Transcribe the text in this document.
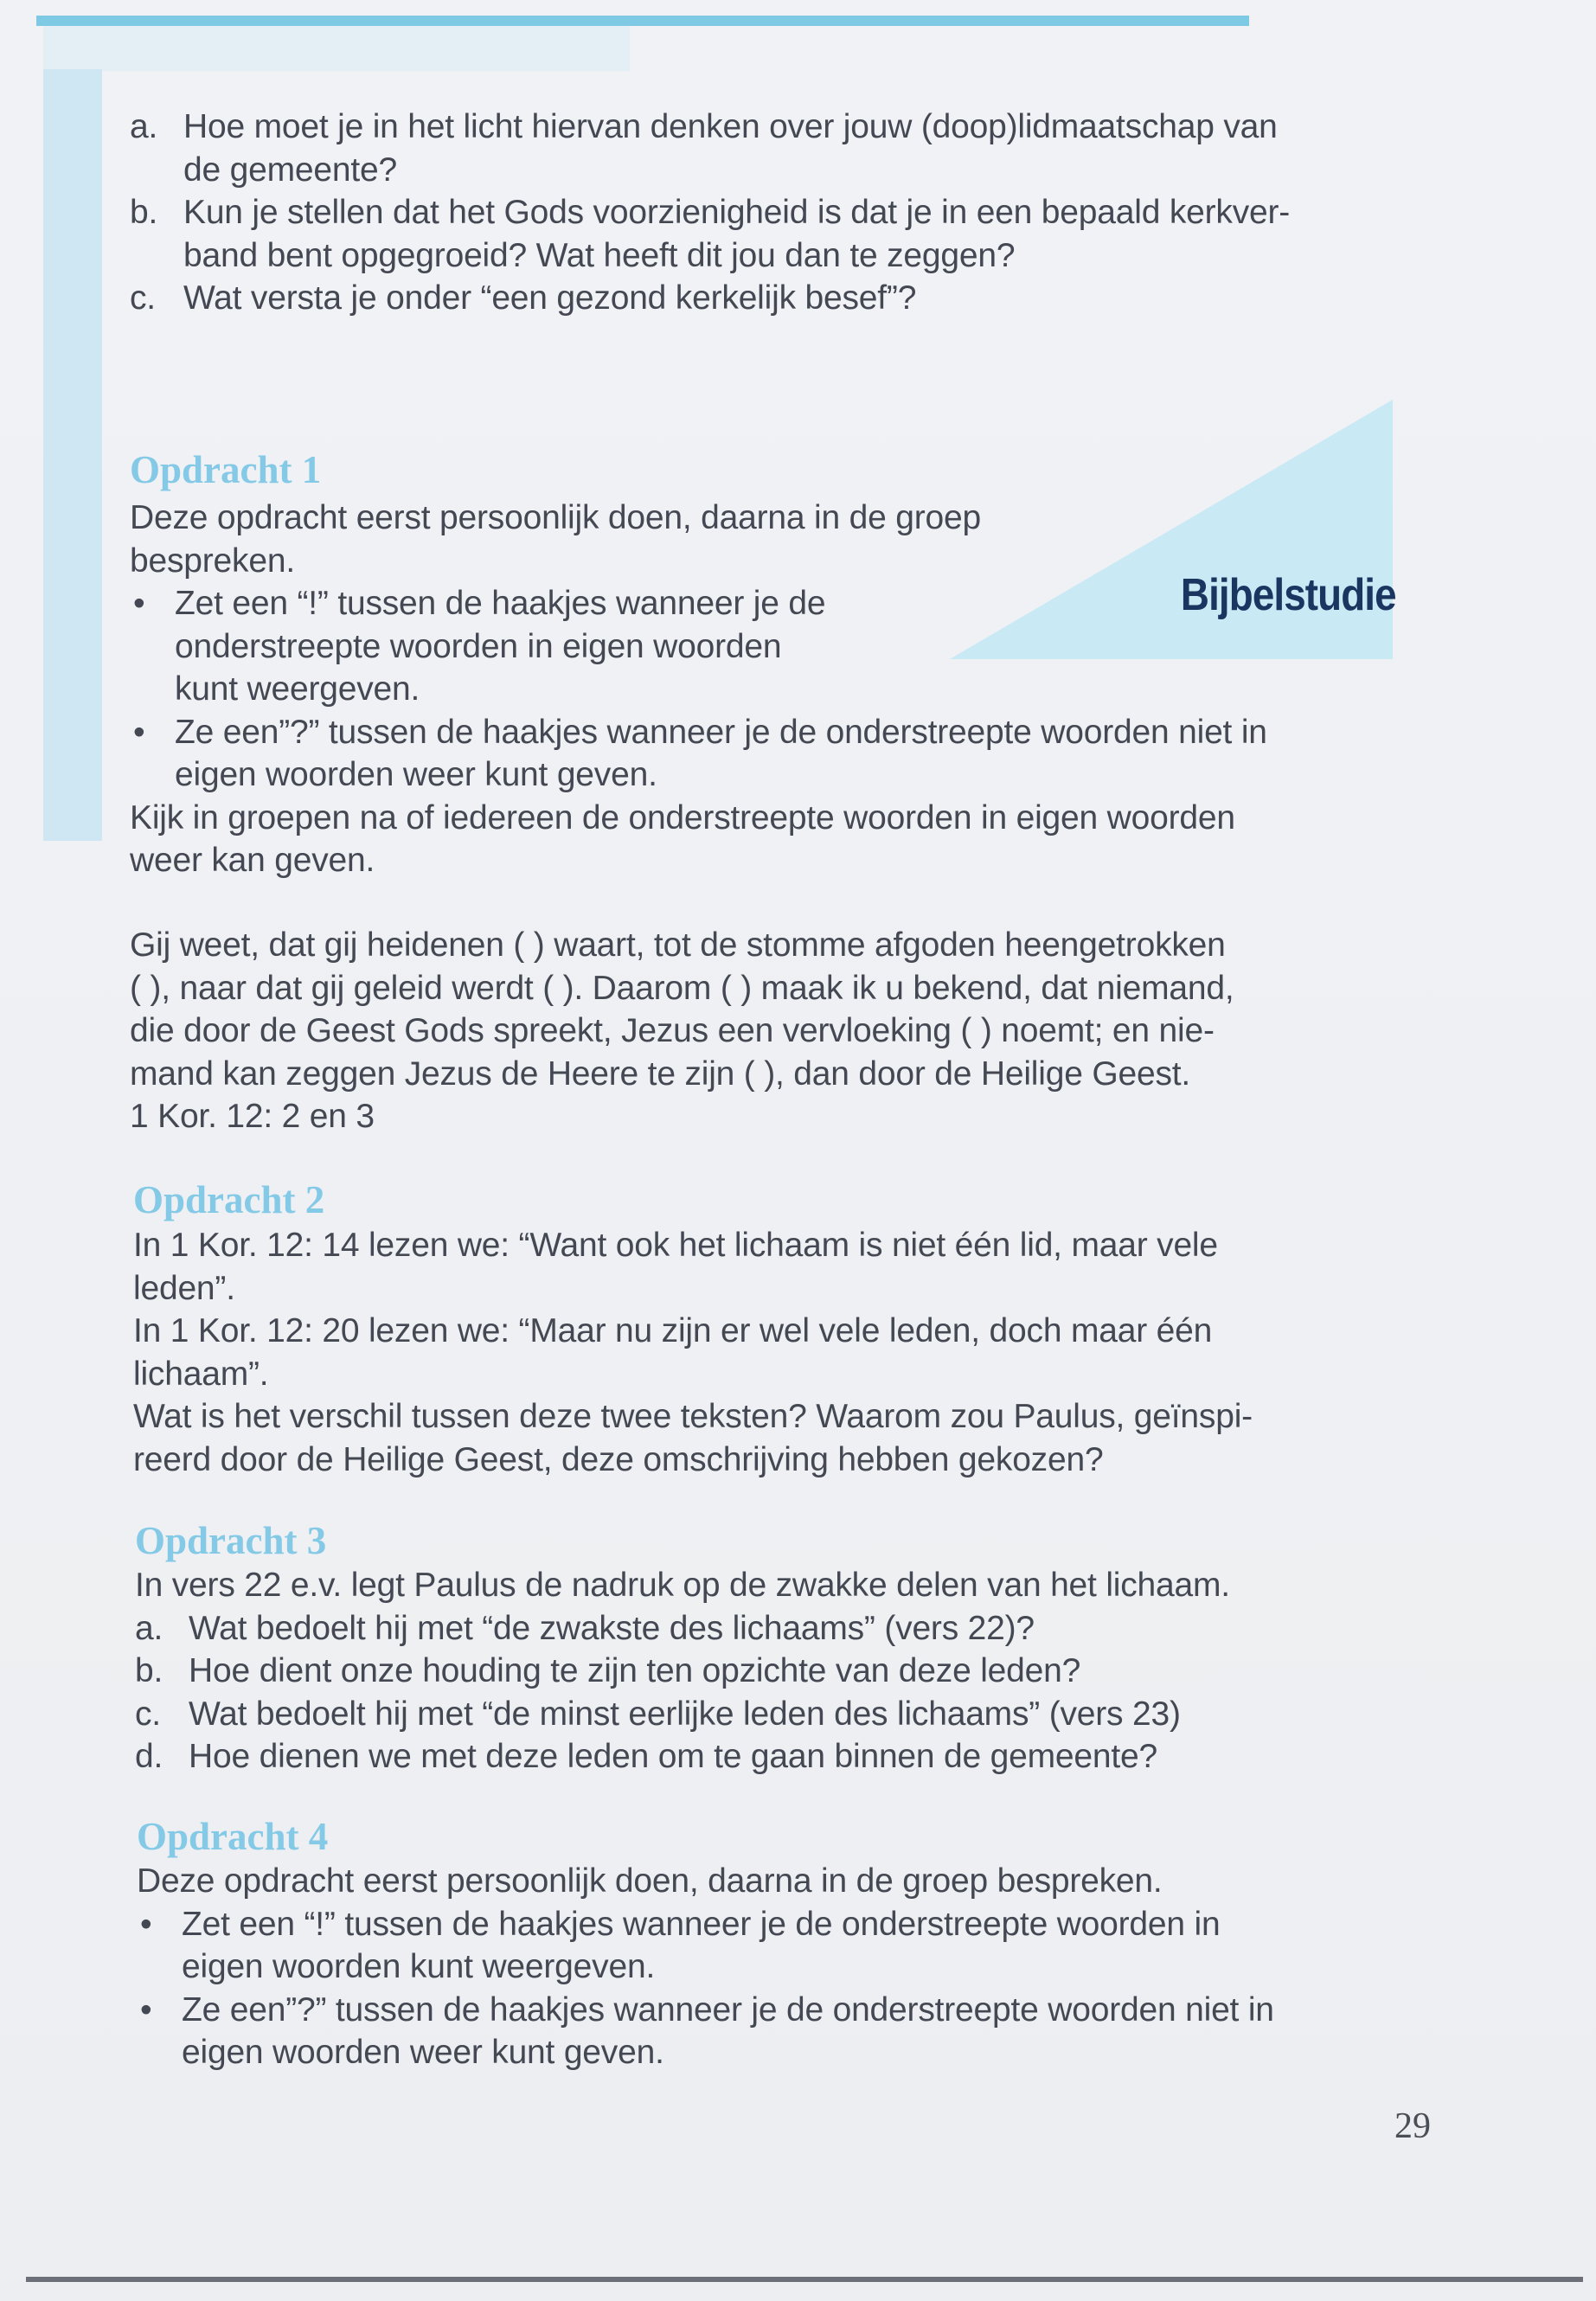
a. Hoe moet je in het licht hiervan denken over jouw (doop)lidmaatschap van
de gemeente?
b. Kun je stellen dat het Gods voorzienigheid is dat je in een bepaald kerkver-
band bent opgegroeid? Wat heeft dit jou dan te zeggen?
c. Wat versta je onder “een gezond kerkelijk besef”?
Bijbelstudie
Opdracht 1
Deze opdracht eerst persoonlijk doen, daarna in de groep
bespreken.
• Zet een “!” tussen de haakjes wanneer je de
onderstreepte woorden in eigen woorden
kunt weergeven.
• Ze een”?” tussen de haakjes wanneer je de onderstreepte woorden niet in
eigen woorden weer kunt geven.
Kijk in groepen na of iedereen de onderstreepte woorden in eigen woorden
weer kan geven.
Gij weet, dat gij heidenen ( ) waart, tot de stomme afgoden heengetrokken
( ), naar dat gij geleid werdt ( ). Daarom ( ) maak ik u bekend, dat niemand,
die door de Geest Gods spreekt, Jezus een vervloeking ( ) noemt; en nie-
mand kan zeggen Jezus de Heere te zijn ( ), dan door de Heilige Geest.
1 Kor. 12: 2 en 3
Opdracht 2
In 1 Kor. 12: 14 lezen we: “Want ook het lichaam is niet één lid, maar vele
leden”.
In 1 Kor. 12: 20 lezen we: “Maar nu zijn er wel vele leden, doch maar één
lichaam”.
Wat is het verschil tussen deze twee teksten? Waarom zou Paulus, geïnspi-
reerd door de Heilige Geest, deze omschrijving hebben gekozen?
Opdracht 3
In vers 22 e.v. legt Paulus de nadruk op de zwakke delen van het lichaam.
a. Wat bedoelt hij met “de zwakste des lichaams” (vers 22)?
b. Hoe dient onze houding te zijn ten opzichte van deze leden?
c. Wat bedoelt hij met “de minst eerlijke leden des lichaams” (vers 23)
d. Hoe dienen we met deze leden om te gaan binnen de gemeente?
Opdracht 4
Deze opdracht eerst persoonlijk doen, daarna in de groep bespreken.
• Zet een “!” tussen de haakjes wanneer je de onderstreepte woorden in
eigen woorden kunt weergeven.
• Ze een”?” tussen de haakjes wanneer je de onderstreepte woorden niet in
eigen woorden weer kunt geven.
29
